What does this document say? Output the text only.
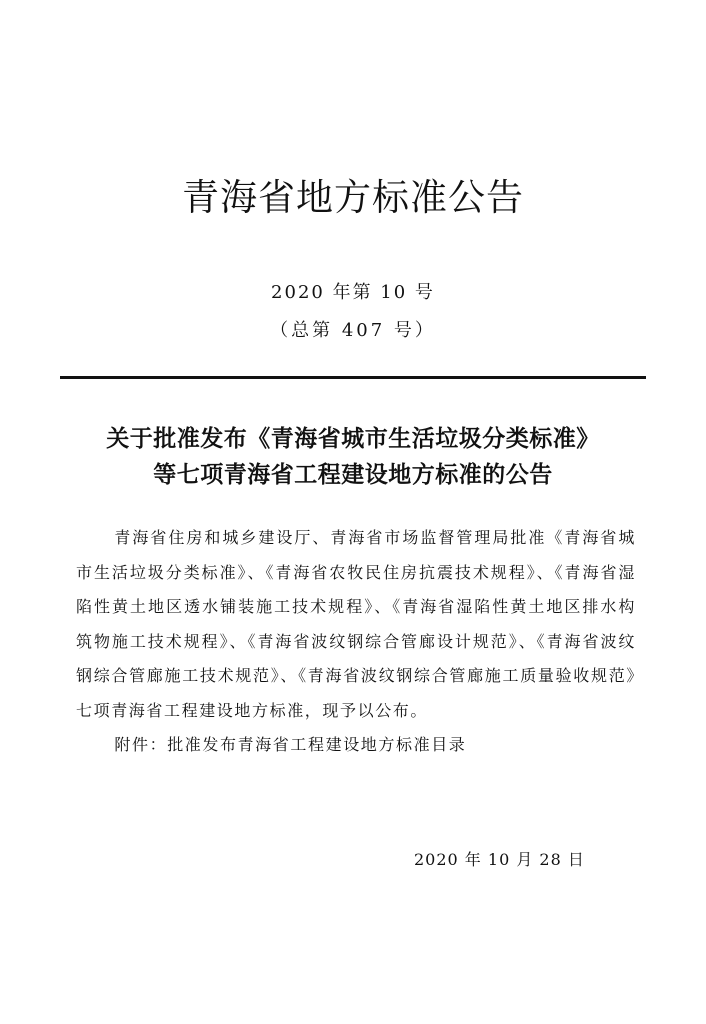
青海省地方标准公告
2020 年第 10 号
（总第 407 号）
关于批准发布《青海省城市生活垃圾分类标准》
等七项青海省工程建设地方标准的公告

青海省住房和城乡建设厅、青海省市场监督管理局批准《青海省城市生活垃圾分类标准》、《青海省农牧民住房抗震技术规程》、《青海省湿陷性黄土地区透水铺装施工技术规程》、《青海省湿陷性黄土地区排水构筑物施工技术规程》、《青海省波纹钢综合管廊设计规范》、《青海省波纹钢综合管廊施工技术规范》、《青海省波纹钢综合管廊施工质量验收规范》七项青海省工程建设地方标准，现予以公布。

附件：批准发布青海省工程建设地方标准目录

2020 年 10 月 28 日
